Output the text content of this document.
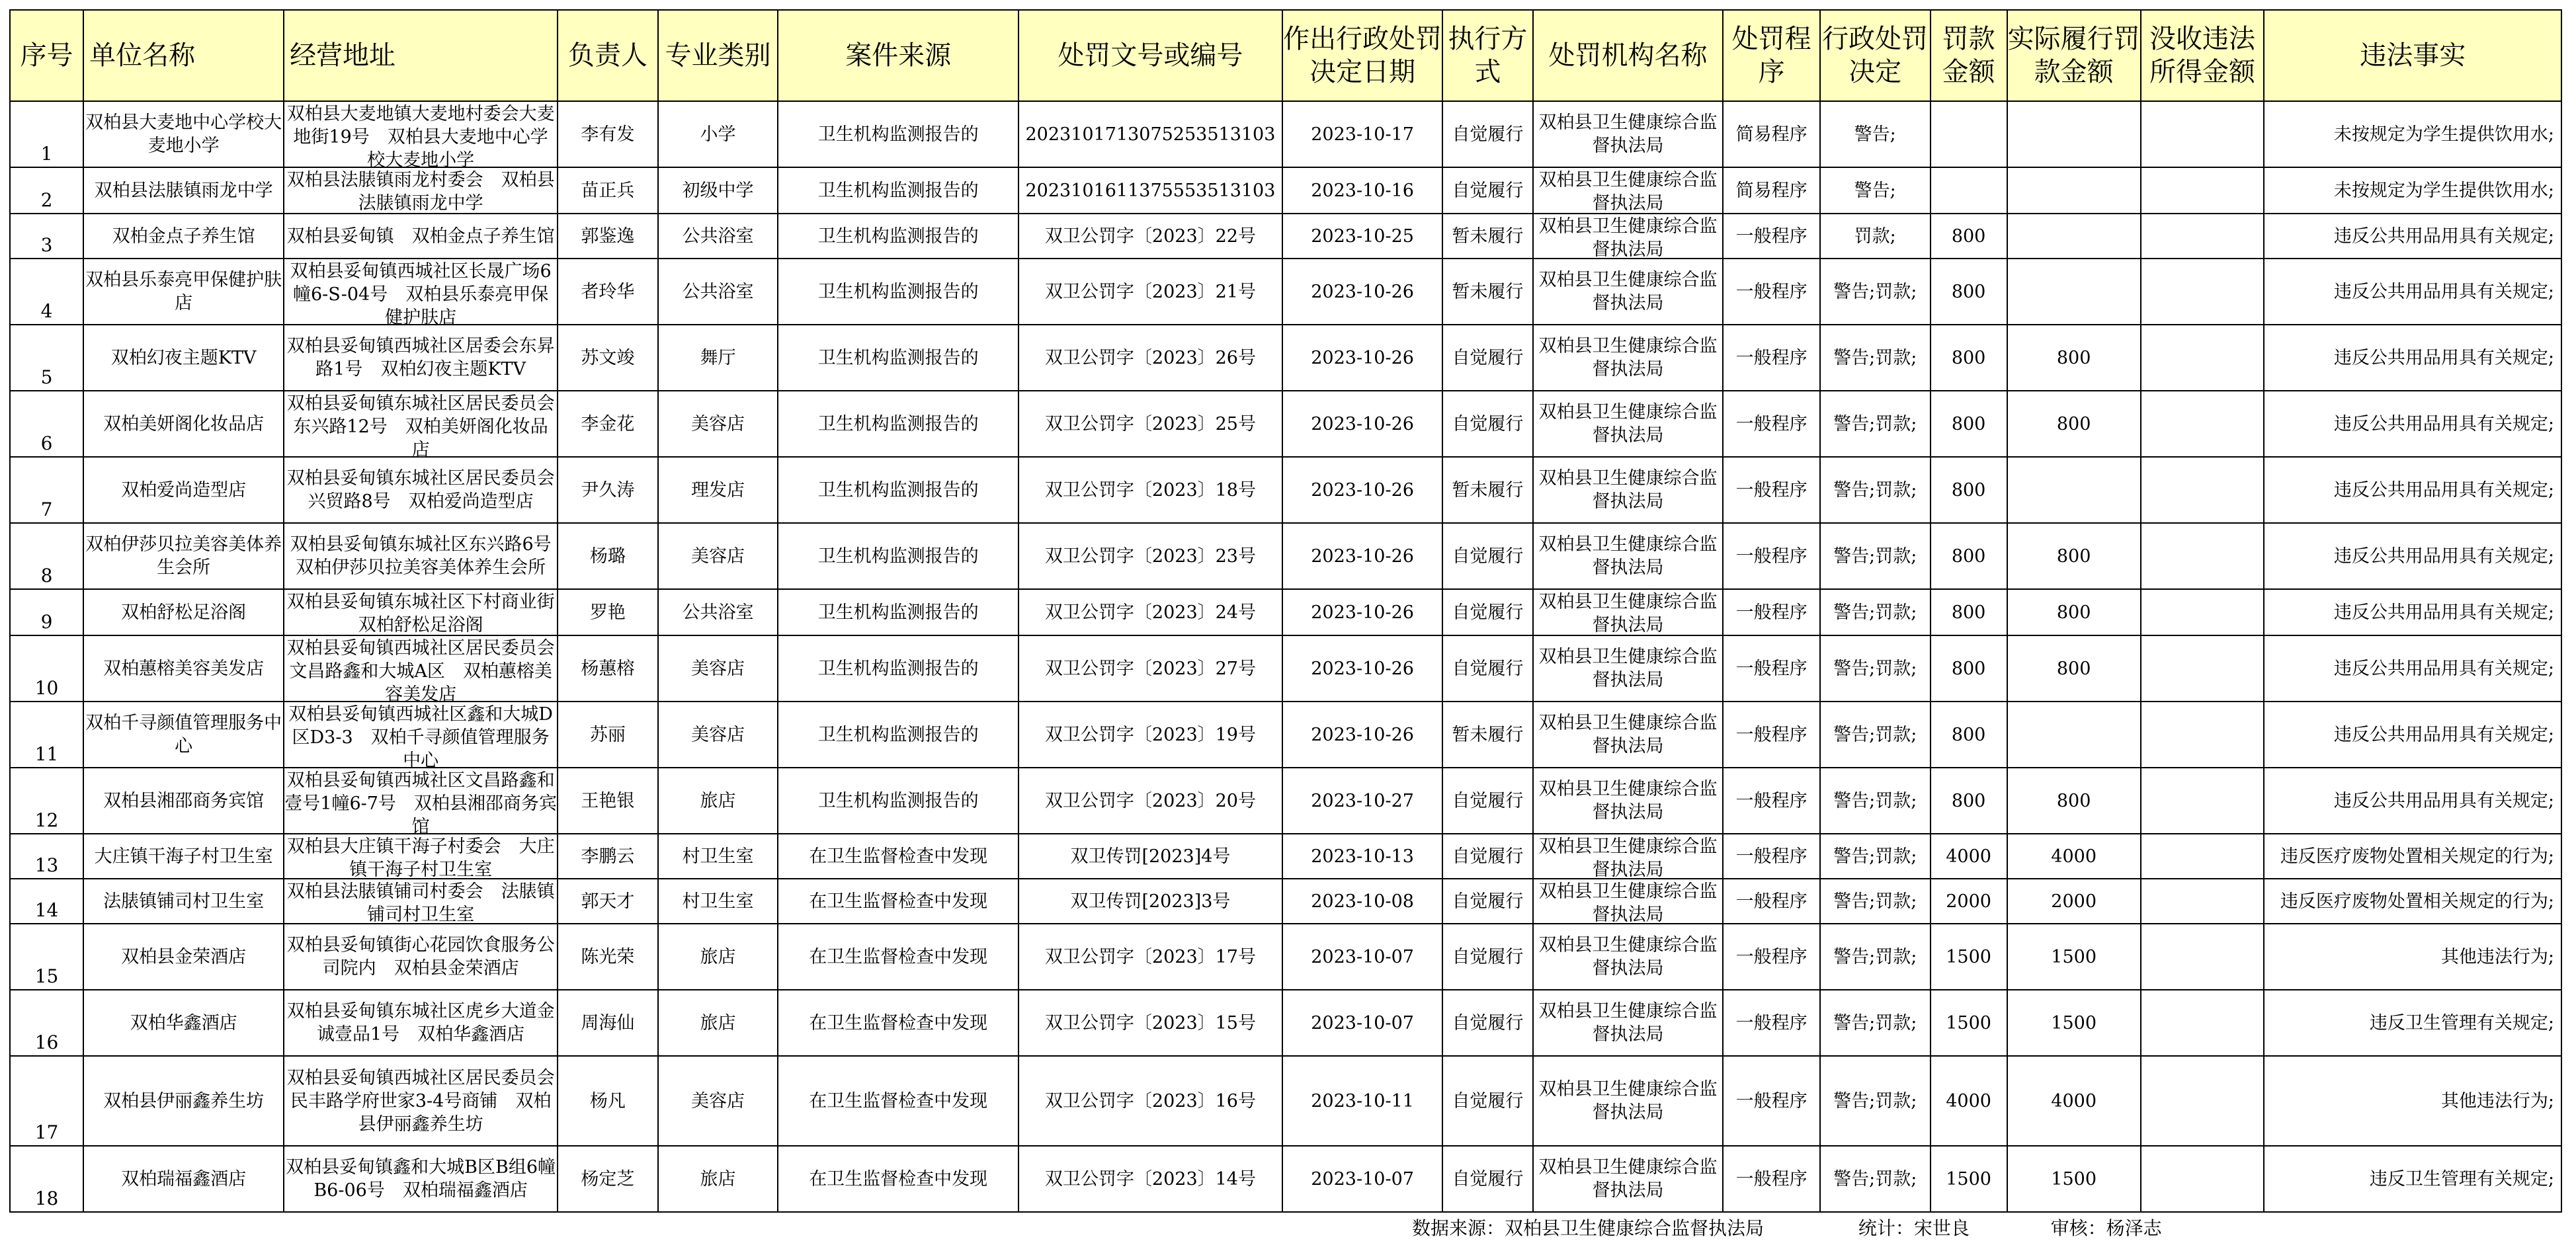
序号	单位名称	经营地址	负责人	专业类别	案件来源	处罚文号或编号	作出行政处罚决定日期	执行方式	处罚机构名称	处罚程序	行政处罚决定	罚款金额	实际履行罚款金额	没收违法所得金额	违法事实

1	双柏县大麦地中心学校大麦地小学	双柏县大麦地镇大麦地村委会大麦地街19号　双柏县大麦地中心学校大麦地小学	李有发	小学	卫生机构监测报告的	20231017130752535​13103	2023-10-17	自觉履行	双柏县卫生健康综合监督执法局	简易程序	警告;				未按规定为学生提供饮用水;

2	双柏县法脿镇雨龙中学	双柏县法脿镇雨龙村委会　双柏县法脿镇雨龙中学	苗正兵	初级中学	卫生机构监测报告的	20231016113755535​13103	2023-10-16	自觉履行	双柏县卫生健康综合监督执法局	简易程序	警告;				未按规定为学生提供饮用水;

3	双柏金点子养生馆	双柏县妥甸镇　双柏金点子养生馆	郭鉴逸	公共浴室	卫生机构监测报告的	双卫公罚字〔2023〕22号	2023-10-25	暂未履行	双柏县卫生健康综合监督执法局	一般程序	罚款;	800			违反公共用品用具有关规定;

4	双柏县乐泰亮甲保健护肤店	双柏县妥甸镇西城社区长晟广场6幢6-S-04号　双柏县乐泰亮甲保健护肤店	者玲华	公共浴室	卫生机构监测报告的	双卫公罚字〔2023〕21号	2023-10-26	暂未履行	双柏县卫生健康综合监督执法局	一般程序	警告;罚款;	800			违反公共用品用具有关规定;

5	双柏幻夜主题KTV	双柏县妥甸镇西城社区居委会东昇路1号　双柏幻夜主题KTV	苏文竣	舞厅	卫生机构监测报告的	双卫公罚字〔2023〕26号	2023-10-26	自觉履行	双柏县卫生健康综合监督执法局	一般程序	警告;罚款;	800	800		违反公共用品用具有关规定;

6	双柏美妍阁化妆品店	双柏县妥甸镇东城社区居民委员会东兴路12号　双柏美妍阁化妆品店	李金花	美容店	卫生机构监测报告的	双卫公罚字〔2023〕25号	2023-10-26	自觉履行	双柏县卫生健康综合监督执法局	一般程序	警告;罚款;	800	800		违反公共用品用具有关规定;

7	双柏爱尚造型店	双柏县妥甸镇东城社区居民委员会兴贸路8号　双柏爱尚造型店	尹久涛	理发店	卫生机构监测报告的	双卫公罚字〔2023〕18号	2023-10-26	暂未履行	双柏县卫生健康综合监督执法局	一般程序	警告;罚款;	800			违反公共用品用具有关规定;

8	双柏伊莎贝拉美容美体养生会所	双柏县妥甸镇东城社区东兴路6号　双柏伊莎贝拉美容美体养生会所	杨璐	美容店	卫生机构监测报告的	双卫公罚字〔2023〕23号	2023-10-26	自觉履行	双柏县卫生健康综合监督执法局	一般程序	警告;罚款;	800	800		违反公共用品用具有关规定;

9	双柏舒松足浴阁	双柏县妥甸镇东城社区下村商业街　双柏舒松足浴阁	罗艳	公共浴室	卫生机构监测报告的	双卫公罚字〔2023〕24号	2023-10-26	自觉履行	双柏县卫生健康综合监督执法局	一般程序	警告;罚款;	800	800		违反公共用品用具有关规定;

10	双柏蕙榕美容美发店	双柏县妥甸镇西城社区居民委员会文昌路鑫和大城A区　双柏蕙榕美容美发店	杨蕙榕	美容店	卫生机构监测报告的	双卫公罚字〔2023〕27号	2023-10-26	自觉履行	双柏县卫生健康综合监督执法局	一般程序	警告;罚款;	800	800		违反公共用品用具有关规定;

11	双柏千寻颜值管理服务中心	双柏县妥甸镇西城社区鑫和大城D区D3-3　双柏千寻颜值管理服务中心	苏丽	美容店	卫生机构监测报告的	双卫公罚字〔2023〕19号	2023-10-26	暂未履行	双柏县卫生健康综合监督执法局	一般程序	警告;罚款;	800			违反公共用品用具有关规定;

12	双柏县湘邵商务宾馆	双柏县妥甸镇西城社区文昌路鑫和壹号1幢6-7号　双柏县湘邵商务宾馆	王艳银	旅店	卫生机构监测报告的	双卫公罚字〔2023〕20号	2023-10-27	自觉履行	双柏县卫生健康综合监督执法局	一般程序	警告;罚款;	800	800		违反公共用品用具有关规定;

13	大庄镇干海子村卫生室	双柏县大庄镇干海子村委会　大庄镇干海子村卫生室	李鹏云	村卫生室	在卫生监督检查中发现	双卫传罚[2023]4号	2023-10-13	自觉履行	双柏县卫生健康综合监督执法局	一般程序	警告;罚款;	4000	4000		违反医疗废物处置相关规定的行为;

14	法脿镇铺司村卫生室	双柏县法脿镇铺司村委会　法脿镇铺司村卫生室	郭天才	村卫生室	在卫生监督检查中发现	双卫传罚[2023]3号	2023-10-08	自觉履行	双柏县卫生健康综合监督执法局	一般程序	警告;罚款;	2000	2000		违反医疗废物处置相关规定的行为;

15	双柏县金荣酒店	双柏县妥甸镇街心花园饮食服务公司院内　双柏县金荣酒店	陈光荣	旅店	在卫生监督检查中发现	双卫公罚字〔2023〕17号	2023-10-07	自觉履行	双柏县卫生健康综合监督执法局	一般程序	警告;罚款;	1500	1500		其他违法行为;

16	双柏华鑫酒店	双柏县妥甸镇东城社区虎乡大道金诚壹品1号　双柏华鑫酒店	周海仙	旅店	在卫生监督检查中发现	双卫公罚字〔2023〕15号	2023-10-07	自觉履行	双柏县卫生健康综合监督执法局	一般程序	警告;罚款;	1500	1500		违反卫生管理有关规定;

17	双柏县伊丽鑫养生坊	双柏县妥甸镇西城社区居民委员会民丰路学府世家3-4号商铺　双柏县伊丽鑫养生坊	杨凡	美容店	在卫生监督检查中发现	双卫公罚字〔2023〕16号	2023-10-11	自觉履行	双柏县卫生健康综合监督执法局	一般程序	警告;罚款;	4000	4000		其他违法行为;

18	双柏瑞福鑫酒店	双柏县妥甸镇鑫和大城B区B组6幢B6-06号　双柏瑞福鑫酒店	杨定芝	旅店	在卫生监督检查中发现	双卫公罚字〔2023〕14号	2023-10-07	自觉履行	双柏县卫生健康综合监督执法局	一般程序	警告;罚款;	1500	1500		违反卫生管理有关规定;
数据来源：双柏县卫生健康综合监督执法局	统计：宋世良	审核：杨泽志
